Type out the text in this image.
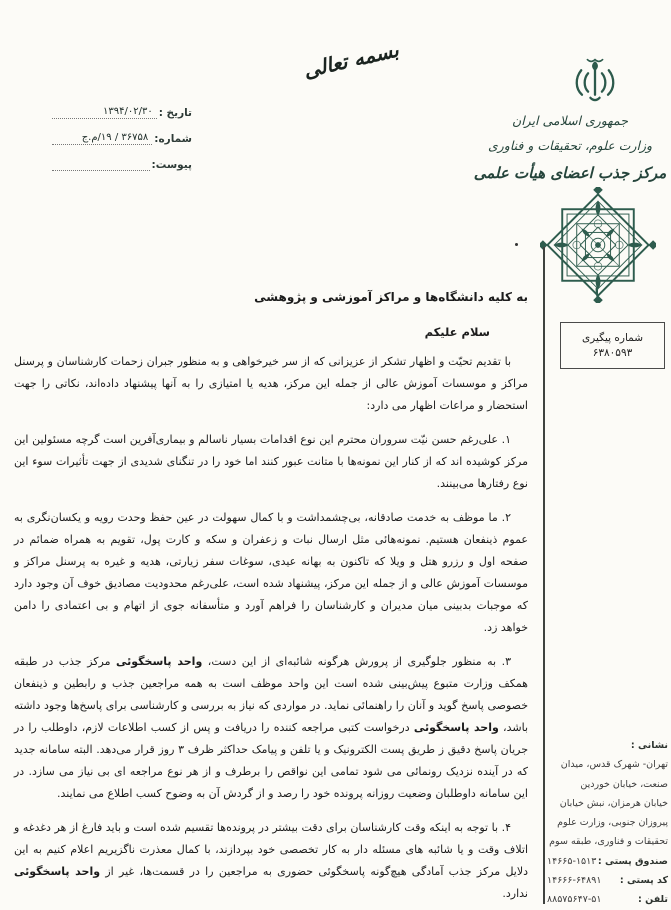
بسمه تعالی
جمهوری اسلامی ایران
وزارت علوم، تحقیقات و فناوری
مرکز جذب اعضای هیأت علمی
تاریخ :
۱۳۹۴/۰۲/۳۰
شماره:
۳۶۷۵۸ / ۱۹/م.ج
پیوست:
شماره پیگیری
۶۳۸۰۵۹۳
به کلیه دانشگاه‌ها و مراکز آموزشی و پژوهشی
سلام علیکم

با تقدیم تحیّت و اظهار تشکر از عزیزانی که از سر خیرخواهی و به منظور جبران زحمات کارشناسان و پرسنل مراکز و موسسات آموزش عالی از جمله این مرکز، هدیه یا امتیازی را به آنها پیشنهاد داده‌اند، نکاتی را جهت استحضار و مراعات اظهار می دارد:

۱. علی‌رغم حسن نیّت سروران محترم این نوع اقدامات بسیار ناسالم و بیماری‌آفرین است گرچه مسئولین این مرکز کوشیده اند که از کنار این نمونه‌ها با متانت عبور کنند اما خود را در تنگنای شدیدی از جهت تأثیرات سوء این نوع رفتارها می‌بینند.

۲. ما موظف به خدمت صادقانه، بی‌چشمداشت و با کمال سهولت در عین حفظ وحدت رویه و یکسان‌نگری به عموم ذینفعان هستیم. نمونه‌هائی مثل ارسال نبات و زعفران و سکه و کارت پول، تقویم به همراه ضمائم در صفحه اول و رزرو هتل و ویلا که تاکنون به بهانه عیدی، سوغات سفر زیارتی، هدیه و غیره به پرسنل مراکز و موسسات آموزش عالی و از جمله این مرکز، پیشنهاد شده است، علی‌رغم محدودیت مصادیق خوف آن وجود دارد که موجبات بدبینی میان مدیران و کارشناسان را فراهم آورد و متأسفانه جوی از اتهام و بی اعتمادی را دامن خواهد زد.

۳. به منظور جلوگیری از پرورش هرگونه شائبه‌ای از این دست، واحد پاسخگوئی مرکز جذب در طبقه همکف وزارت متبوع پیش‌بینی شده است این واحد موظف است به همه مراجعین جذب و رابطین و ذینفعان خصوصی پاسخ گوید و آنان را راهنمائی نماید. در مواردی که نیاز به بررسی و کارشناسی برای پاسخ‌ها وجود داشته باشد، واحد پاسخگوئی درخواست کتبی مراجعه کننده را دریافت و پس از کسب اطلاعات لازم، داوطلب را در جریان پاسخ دقیق ز طریق پست الکترونیک و یا تلفن و پیامک حداکثر ظرف ۳ روز قرار می‌دهد. البته سامانه جدید که در آینده نزدیک رونمائی می شود تمامی این نواقص را برطرف و از هر نوع مراجعه ای بی نیاز می سازد. در این سامانه داوطلبان وضعیت روزانه پرونده خود را رصد و از گردش آن به وضوح کسب اطلاع می نمایند.

۴. با توجه به اینکه وقت کارشناسان برای دقت بیشتر در پرونده‌ها تقسیم شده است و باید فارغ از هر دغدغه و اتلاف وقت و یا شائبه های مسئله دار به کار تخصصی خود بپردازند، با کمال معذرت ناگزیریم اعلام کنیم به این دلایل مرکز جذب آمادگی هیچ‌گونه پاسخگوئی حضوری به مراجعین را در قسمت‌ها، غیر از واحد پاسخگوئی ندارد.

نشانی :
تهران- شهرک قدس، میدان
صنعت، خیابان خوردین
خیابان هرمزان، نبش خیابان
پیروزان جنوبی، وزارت علوم
تحقیقات و فناوری، طبقه سوم
صندوق پستی :
۱۴۶۶۵-۱۵۱۳
کد پستی :
۱۴۶۶۶-۶۴۸۹۱
تلفن :
۸۸۵۷۵۶۴۷-۵۱
